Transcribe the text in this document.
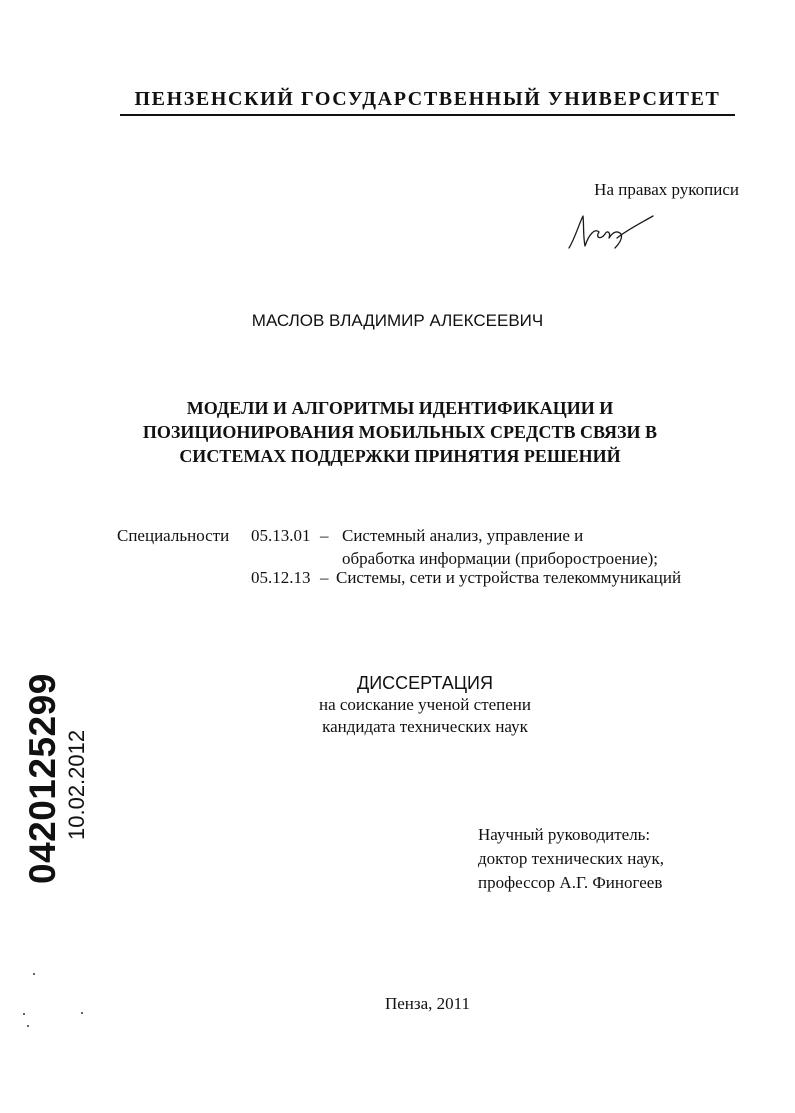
ПЕНЗЕНСКИЙ ГОСУДАРСТВЕННЫЙ УНИВЕРСИТЕТ
На правах рукописи
МАСЛОВ ВЛАДИМИР АЛЕКСЕЕВИЧ
МОДЕЛИ И АЛГОРИТМЫ ИДЕНТИФИКАЦИИ И
ПОЗИЦИОНИРОВАНИЯ МОБИЛЬНЫХ СРЕДСТВ СВЯЗИ В
СИСТЕМАХ ПОДДЕРЖКИ ПРИНЯТИЯ РЕШЕНИЙ
Специальности 05.13.01 – Системный анализ, управление и
обработка информации (приборостроение);
05.12.13 – Системы, сети и устройства телекоммуникаций
ДИССЕРТАЦИЯ
на соискание ученой степени
кандидата технических наук
Научный руководитель:
доктор технических наук,
профессор А.Г. Финогеев
Пенза, 2011
0420125299 10.02.2012
